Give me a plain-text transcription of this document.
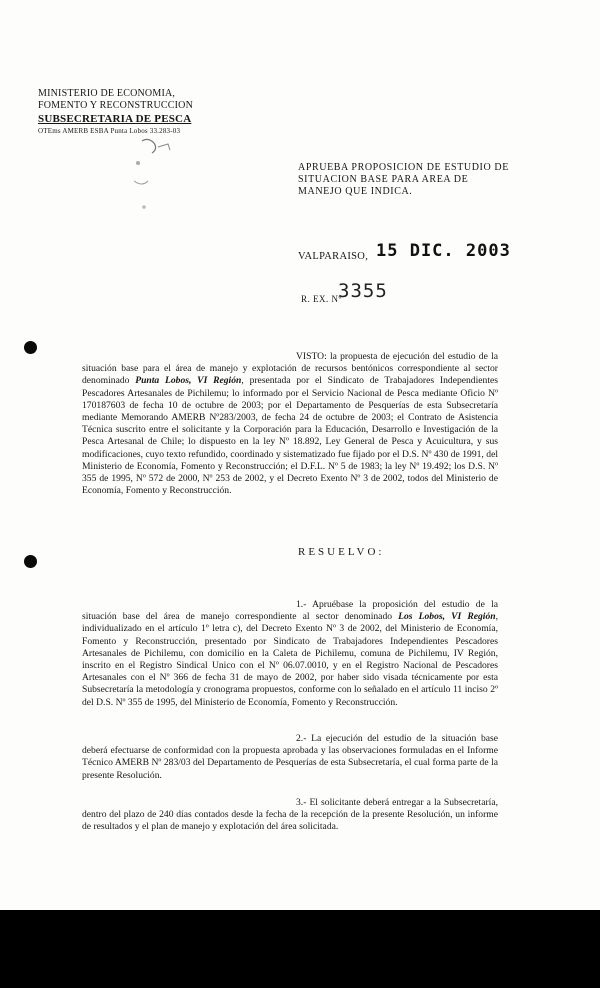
MINISTERIO DE ECONOMIA,
FOMENTO Y RECONSTRUCCION
SUBSECRETARIA DE PESCA
OTEms AMERB ESBA Punta Lobos 33.283-03
APRUEBA PROPOSICION DE ESTUDIO DE SITUACION BASE PARA AREA DE MANEJO QUE INDICA.
VALPARAISO, 15 DIC. 2003
R. EX. Nº
3355

VISTO: la propuesta de ejecución del estudio de la situación base para el área de manejo y explotación de recursos bentónicos correspondiente al sector denominado Punta Lobos, VI Región, presentada por el Sindicato de Trabajadores Independientes Pescadores Artesanales de Pichilemu; lo informado por el Servicio Nacional de Pesca mediante Oficio Nº 170187603 de fecha 10 de octubre de 2003; por el Departamento de Pesquerías de esta Subsecretaría mediante Memorando AMERB Nº283/2003, de fecha 24 de octubre de 2003; el Contrato de Asistencia Técnica suscrito entre el solicitante y la Corporación para la Educación, Desarrollo e Investigación de la Pesca Artesanal de Chile; lo dispuesto en la ley Nº 18.892, Ley General de Pesca y Acuicultura, y sus modificaciones, cuyo texto refundido, coordinado y sistematizado fue fijado por el D.S. Nº 430 de 1991, del Ministerio de Economía, Fomento y Reconstrucción; el D.F.L. Nº 5 de 1983; la ley Nº 19.492; los D.S. Nº 355 de 1995, Nº 572 de 2000, Nº 253 de 2002, y el Decreto Exento Nº 3 de 2002, todos del Ministerio de Economía, Fomento y Reconstrucción.

RESUELVO:

1.- Apruébase la proposición del estudio de la situación base del área de manejo correspondiente al sector denominado Los Lobos, VI Región, individualizado en el artículo 1º letra c), del Decreto Exento Nº 3 de 2002, del Ministerio de Economía, Fomento y Reconstrucción, presentado por Sindicato de Trabajadores Independientes Pescadores Artesanales de Pichilemu, con domicilio en la Caleta de Pichilemu, comuna de Pichilemu, IV Región, inscrito en el Registro Sindical Unico con el Nº 06.07.0010, y en el Registro Nacional de Pescadores Artesanales con el Nº 366 de fecha 31 de mayo de 2002, por haber sido visada técnicamente por esta Subsecretaría la metodología y cronograma propuestos, conforme con lo señalado en el artículo 11 inciso 2º del D.S. Nº 355 de 1995, del Ministerio de Economía, Fomento y Reconstrucción.

2.- La ejecución del estudio de la situación base deberá efectuarse de conformidad con la propuesta aprobada y las observaciones formuladas en el Informe Técnico AMERB Nº 283/03 del Departamento de Pesquerías de esta Subsecretaría, el cual forma parte de la presente Resolución.

3.- El solicitante deberá entregar a la Subsecretaría, dentro del plazo de 240 días contados desde la fecha de la recepción de la presente Resolución, un informe de resultados y el plan de manejo y explotación del área solicitada.
